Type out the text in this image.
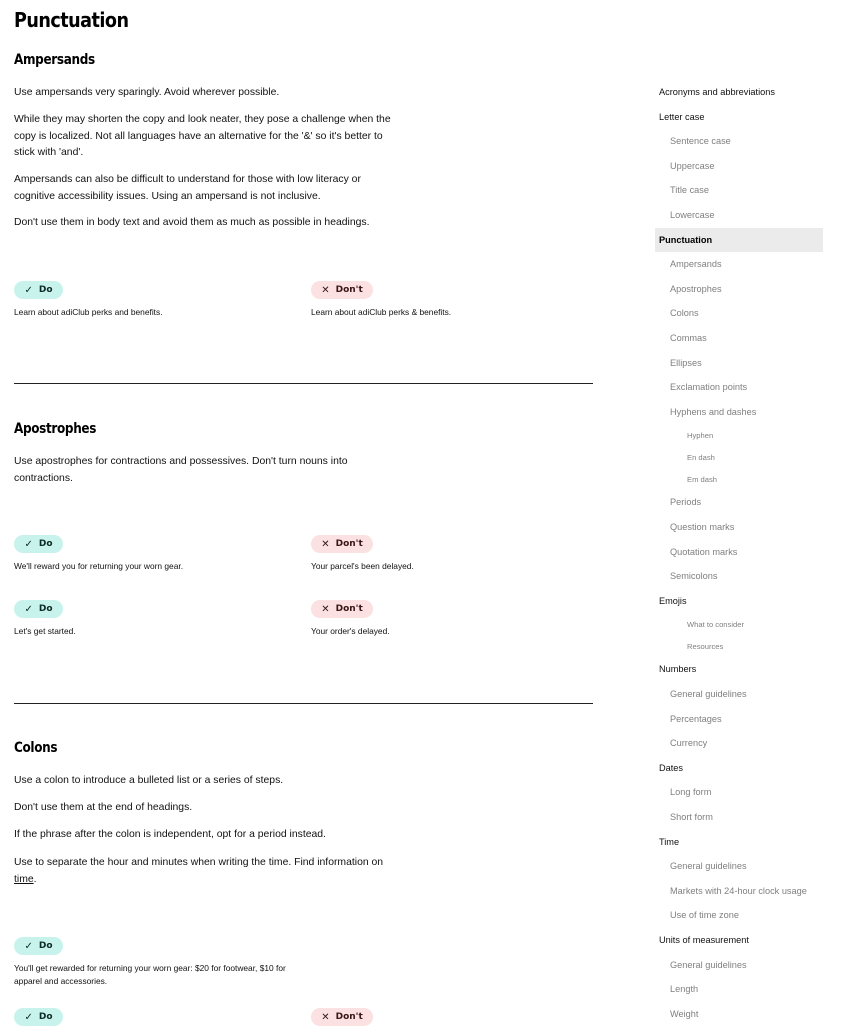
Punctuation
Ampersands

Use ampersands very sparingly. Avoid wherever possible.

While they may shorten the copy and look neater, they pose a challenge when the copy is localized. Not all languages have an alternative for the '&' so it's better to stick with 'and'.

Ampersands can also be difficult to understand for those with low literacy or cognitive accessibility issues. Using an ampersand is not inclusive.

Don't use them in body text and avoid them as much as possible in headings.

✓ Do

Learn about adiClub perks and benefits.

✕ Don't

Learn about adiClub perks & benefits.

Apostrophes

Use apostrophes for contractions and possessives. Don't turn nouns into contractions.

✓ Do

We'll reward you for returning your worn gear.

✕ Don't

Your parcel's been delayed.

✓ Do

Let's get started.

✕ Don't

Your order's delayed.

Colons

Use a colon to introduce a bulleted list or a series of steps.

Don't use them at the end of headings.

If the phrase after the colon is independent, opt for a period instead.

Use to separate the hour and minutes when writing the time. Find information on time.

✓ Do

You'll get rewarded for returning your worn gear: $20 for footwear, $10 for apparel and accessories.

✓ Do	✕ Don't
Acronyms and abbreviations
Letter case
Sentence case
Uppercase
Title case
Lowercase
Punctuation
Ampersands
Apostrophes
Colons
Commas
Ellipses
Exclamation points
Hyphens and dashes
Hyphen
En dash
Em dash
Periods
Question marks
Quotation marks
Semicolons
Emojis
What to consider
Resources
Numbers
General guidelines
Percentages
Currency
Dates
Long form
Short form
Time
General guidelines
Markets with 24-hour clock usage
Use of time zone
Units of measurement
General guidelines
Length
Weight
